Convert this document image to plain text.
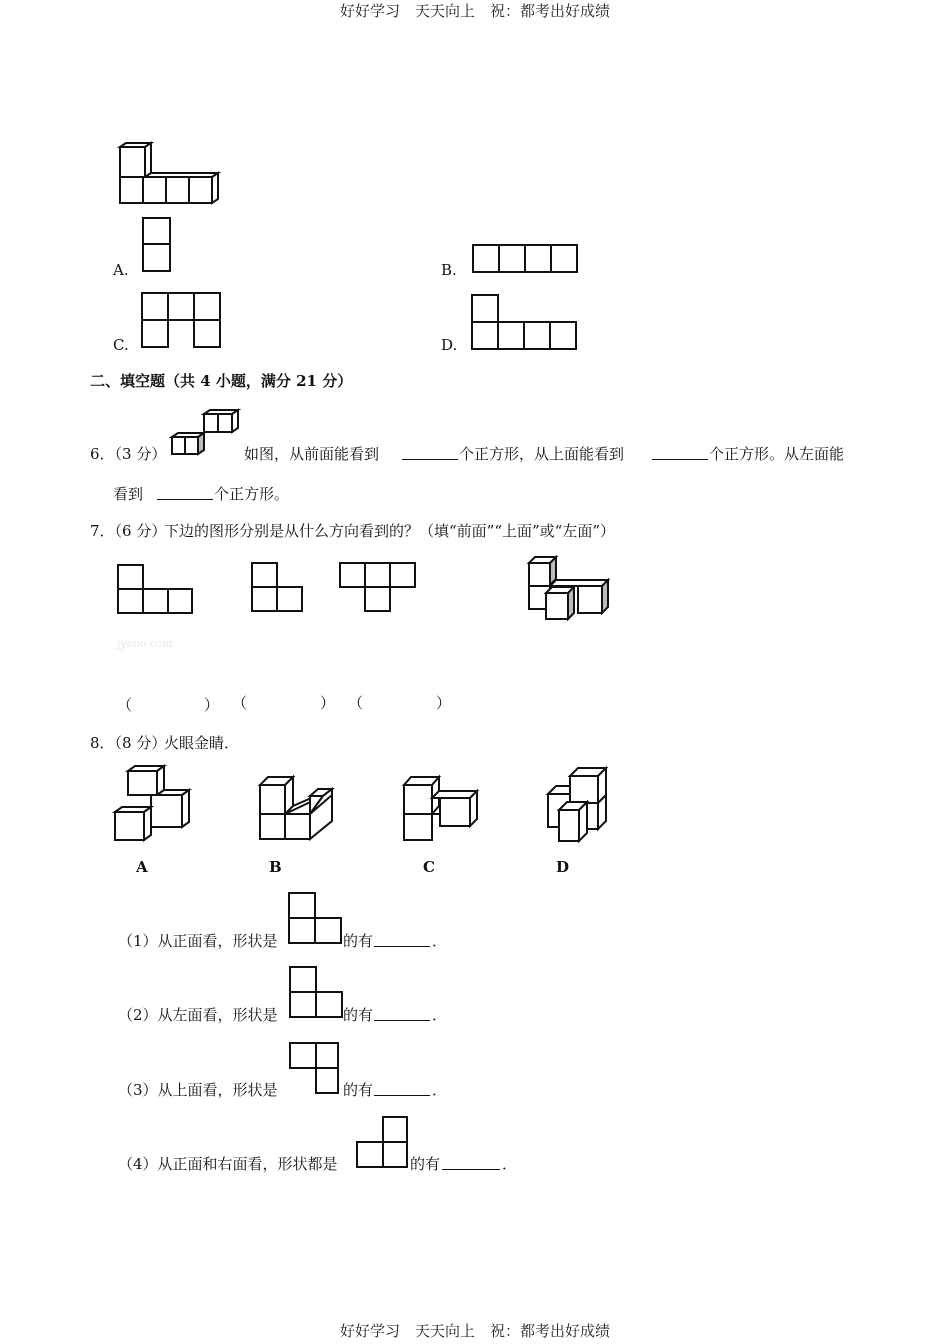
好好学习　天天向上　祝：都考出好成绩
A.	B.
C.	D.
二、填空题（共 4 小题，满分 21 分）
6．（3 分）	如图，从前面能看到	个正方形，从上面能看到	个正方形。从左面能
看到	个正方形。
7．（6 分）
下边的图形分别是从什么方向看到的？（填“前面”“上面”或“左面”）
jyeoo.com
（	） （	） （	）
8．（8 分）
火眼金睛．
A	B	C	D
（1）从正面看，形状是	的有	．
（2）从左面看，形状是	的有	．
（3）从上面看，形状是	的有	．
（4）从正面和右面看，形状都是	的有	．
好好学习　天天向上　祝：都考出好成绩
